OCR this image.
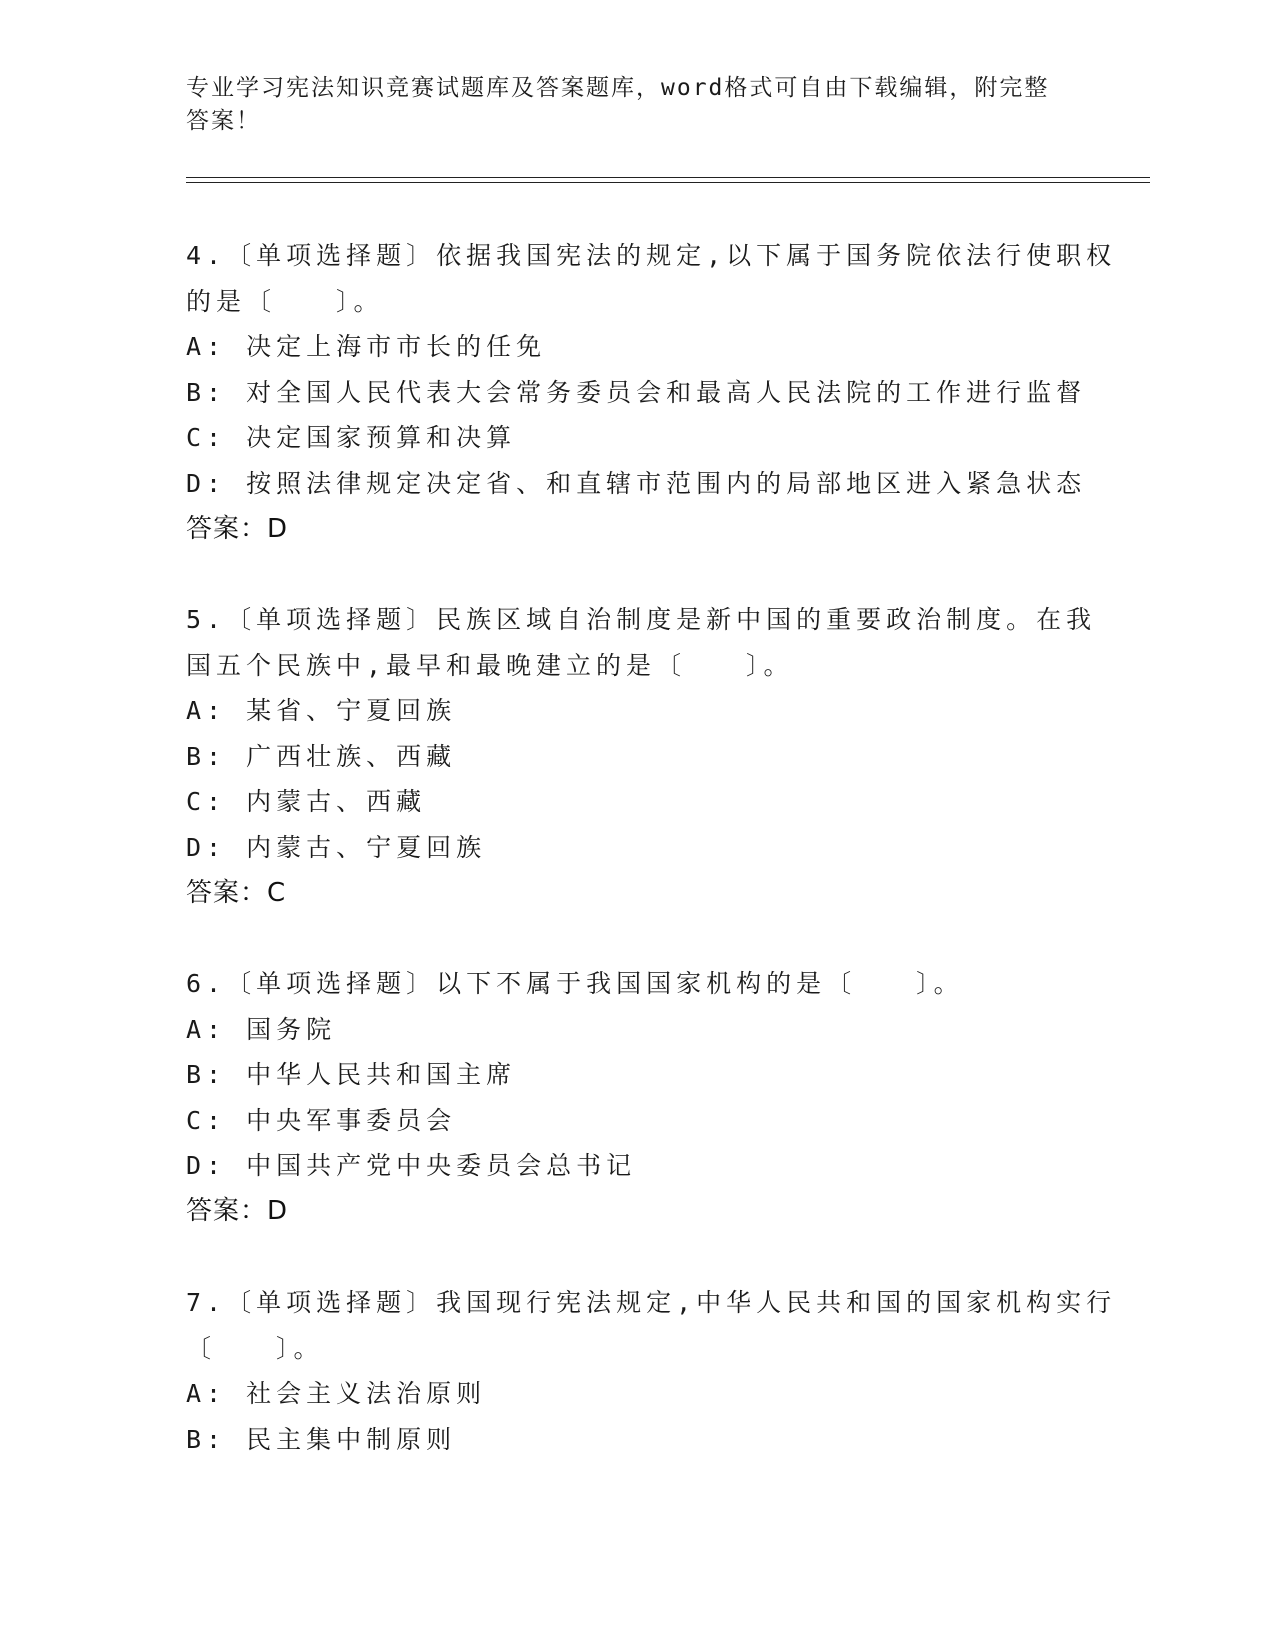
专业学习宪法知识竞赛试题库及答案题库，word格式可自由下载编辑，附完整答案！
4.〔单项选择题〕依据我国宪法的规定,以下属于国务院依法行使职权
的是〔　　〕。
A: 决定上海市市长的任免
B: 对全国人民代表大会常务委员会和最高人民法院的工作进行监督
C: 决定国家预算和决算
D: 按照法律规定决定省、和直辖市范围内的局部地区进入紧急状态
答案：D
5.〔单项选择题〕民族区域自治制度是新中国的重要政治制度。在我
国五个民族中,最早和最晚建立的是〔　　〕。
A: 某省、宁夏回族
B: 广西壮族、西藏
C: 内蒙古、西藏
D: 内蒙古、宁夏回族
答案：C
6.〔单项选择题〕以下不属于我国国家机构的是〔　　〕。
A: 国务院
B: 中华人民共和国主席
C: 中央军事委员会
D: 中国共产党中央委员会总书记
答案：D
7.〔单项选择题〕我国现行宪法规定,中华人民共和国的国家机构实行
〔　　〕。
A: 社会主义法治原则
B: 民主集中制原则
